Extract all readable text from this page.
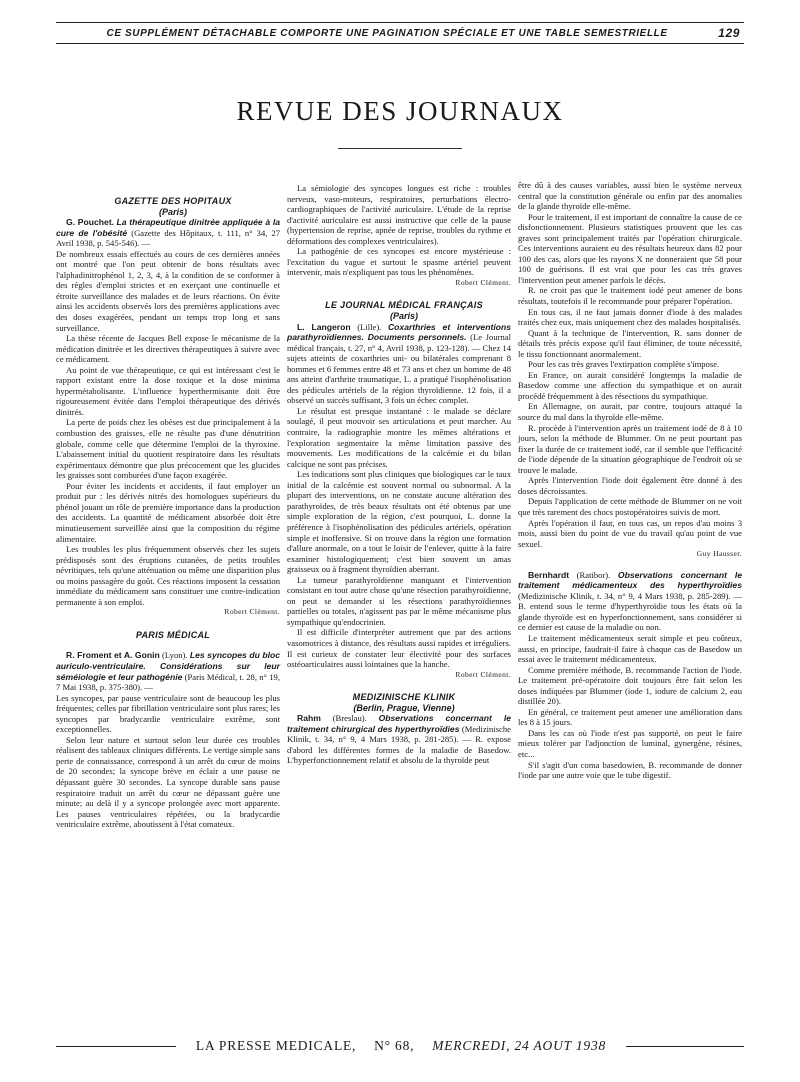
CE SUPPLÉMENT DÉTACHABLE COMPORTE UNE PAGINATION SPÉCIALE ET UNE TABLE SEMESTRIELLE	129
REVUE DES JOURNAUX

GAZETTE DES HOPITAUX

(Paris)

G. Pouchet. La thérapeutique dinitrée appliquée à la cure de l'obésité (Gazette des Hôpitaux, t. 111, n° 34, 27 Avril 1938, p. 545-546). —

De nombreux essais effectués au cours de ces dernières années ont montré que l'on peut obtenir de bons résultats avec l'alphadinitrophénol 1, 2, 3, 4, à la condition de se conformer à des règles d'emploi strictes et en exerçant une continuelle et étroite surveillance des malades et de leurs réactions. On évite ainsi les accidents observés lors des premières applications avec des doses exagérées, pendant un temps trop long et sans surveillance.

La thèse récente de Jacques Bell expose le mécanisme de la médication dinitrée et les directives thérapeutiques à suivre avec ce médicament.

Au point de vue thérapeutique, ce qui est intéressant c'est le rapport existant entre la dose toxique et la dose minima hypermétabolisante. L'influence hyperthermisante doit être rigoureusement évitée dans l'emploi thérapeutique des dérivés dinitrés.

La perte de poids chez les obèses est due principalement à la combustion des graisses, elle ne résulte pas d'une dénutrition globale, comme celle que détermine l'emploi de la thyroxine. L'abaissement initial du quotient respiratoire dans les résultats expérimentaux démontre que plus précocement que les glucides les graisses sont comburées d'une façon exagérée.

Pour éviter les incidents et accidents, il faut employer un produit pur : les dérivés nitrés des homologues supérieurs du phénol jouant un rôle de première importance dans la production des accidents. La quantité de médicament absorbée doit être minutieusement surveillée ainsi que la composition du régime alimentaire.

Les troubles les plus fréquemment observés chez les sujets prédisposés sont des éruptions cutanées, de petits troubles névritiques, tels qu'une atténuation ou même une disparition plus ou moins passagère du goût. Ces réactions imposent la cessation immédiate du médicament sans constituer une contre-indication permanente à son emploi.

Robert Clément.

PARIS MÉDICAL

R. Froment et A. Gonin (Lyon). Les syncopes du bloc auriculo-ventriculaire. Considérations sur leur séméiologie et leur pathogénie (Paris Médical, t. 28, n° 19, 7 Mai 1938, p. 375-380). —

Les syncopes, par pause ventriculaire sont de beaucoup les plus fréquentes; celles par fibrillation ventriculaire sont plus rares; les syncopes par bradycardie ventriculaire extrême, sont exceptionnelles.

Selon leur nature et surtout selon leur durée ces troubles réalisent des tableaux cliniques différents. Le vertige simple sans perte de connaissance, correspond à un arrêt du cœur de moins de 20 secondes; la syncope brève en éclair a une pause ne dépassant guère 30 secondes. La syncope durable sans pause respiratoire traduit un arrêt du cœur ne dépassant guère une minute; au delà il y a syncope prolongée avec mort apparente. Les pauses ventriculaires répétées, ou la bradycardie ventriculaire extrême, aboutissent à l'état comateux.

La sémiologie des syncopes longues est riche : troubles nerveux, vaso-moteurs, respiratoires, perturbations électro-cardiographiques de l'activité auriculaire. L'étude de la reprise d'activité auriculaire est aussi instructive que celle de la pause (hypertension de reprise, apnée de reprise, troubles du rythme et déformations des complexes ventriculaires).

La pathogénie de ces syncopes est encore mystérieuse : l'excitation du vague et surtout le spasme artériel peuvent intervenir, mais n'expliquent pas tous les phénomènes.

Robert Clément.

LE JOURNAL MÉDICAL FRANÇAIS

(Paris)

L. Langeron (Lille). Coxarthries et interventions parathyroïdiennes. Documents personnels. (Le Journal médical français, t. 27, n° 4, Avril 1938, p. 123-128). — Chez 14 sujets atteints de coxarthries uni- ou bilatérales comprenant 8 hommes et 6 femmes entre 48 et 73 ans et chez un homme de 48 ans atteint d'arthrite traumatique, L. a pratiqué l'isophénolisation des pédicules artériels de la région thyroïdienne. 12 fois, il a observé un succès suffisant, 3 fois un échec complet.

Le résultat est presque instantané : le malade se déclare soulagé, il peut mouvoir ses articulations et peut marcher. Au contraire, la radiographie montre les mêmes altérations et l'exploration segmentaire la même limitation passive des mouvements. Les modifications de la calcémie et du bilan calcique ne sont pas précises.

Les indications sont plus cliniques que biologiques car le taux initial de la calcémie est souvent normal ou subnormal. A la plupart des interventions, on ne constate aucune altération des parathyroïdes, de très beaux résultats ont été obtenus par une simple exploration de la région, c'est pourquoi, L. donne la préférence à l'isophénolisation des pédicules artériels, opération simple et inoffensive. Si on trouve dans la région une formation d'allure anormale, on a tout le loisir de l'enlever, quitte à la faire examiner histologiquement; c'est bien souvent un amas graisseux ou à fragment thyroïdien aberrant.

La tumeur parathyroïdienne manquant et l'intervention consistant en tout autre chose qu'une résection parathyroïdienne, on peut se demander si les résections parathyroïdiennes partielles ou totales, n'agissent pas par le même mécanisme plus sympathique qu'endocrinien.

Il est difficile d'interpréter autrement que par des actions vasomotrices à distance, des résultats aussi rapides et irréguliers. Il est curieux de constater leur électivité pour des surfaces ostéoarticulaires aussi lointaines que la hanche.

Robert Clément.

MEDIZINISCHE KLINIK

(Berlin, Prague, Vienne)

Rahm (Breslau). Observations concernant le traitement chirurgical des hyperthyroïdies (Medizinische Klinik, t. 34, n° 9, 4 Mars 1938, p. 281-285). — R. expose d'abord les différentes formes de la maladie de Basedow. L'hyperfonctionnement relatif et absolu de la thyroïde peut

être dû à des causes variables, aussi bien le système nerveux central que la constitution générale ou enfin par des anomalies de la glande thyroïde elle-même.

Pour le traitement, il est important de connaître la cause de ce disfonctionnement. Plusieurs statistiques prouvent que les cas graves sont principalement traités par l'opération chirurgicale. Ces interventions auraient eu des résultats heureux dans 82 pour 100 des cas, alors que les rayons X ne donneraient que 58 pour 100 de guérisons. Il est vrai que pour les cas très graves l'intervention peut amener parfois le décès.

R. ne croit pas que le traitement iodé peut amener de bons résultats, toutefois il le recommande pour préparer l'opération.

En tous cas, il ne faut jamais donner d'iode à des malades traités chez eux, mais uniquement chez des malades hospitalisés.

Quant à la technique de l'intervention, R. sans donner de détails très précis expose qu'il faut éliminer, de toute nécessité, le tissu fonctionnant anormalement.

Pour les cas très graves l'extirpation complète s'impose.

En France, on aurait considéré longtemps la maladie de Basedow comme une affection du sympathique et on aurait procédé fréquemment à des résections du sympathique.

En Allemagne, on aurait, par contre, toujours attaqué la source du mal dans la thyroïde elle-même.

R. procède à l'intervention après un traitement iodé de 8 à 10 jours, selon la méthode de Blummer. On ne peut pourtant pas fixer la durée de ce traitement iodé, car il semble que l'efficacité de l'iode dépende de la situation géographique de l'endroit où se trouve le malade.

Après l'intervention l'iode doit également être donné à des doses décroissantes.

Depuis l'application de cette méthode de Blummer on ne voit que très rarement des chocs postopératoires suivis de mort.

Après l'opération il faut, en tous cas, un repos d'au moins 3 mois, aussi bien du point de vue du travail qu'au point de vue sexuel.

Guy Hausser.

Bernhardt (Ratibor). Observations concernant le traitement médicamenteux des hyperthyroïdies (Medizinische Klinik, t. 34, n° 9, 4 Mars 1938, p. 285-289). — B. entend sous le terme d'hyperthyroïdie tous les états où la glande thyroïde est en hyperfonctionnement, sans considérer si ce dernier est cause de la maladie ou non.

Le traitement médicamenteux serait simple et peu coûteux, aussi, en principe, faudrait-il faire à chaque cas de Basedow un essai avec le traitement médicamenteux.

Comme première méthode, B. recommande l'action de l'iode. Le traitement pré-opératoire doit toujours être fait selon les doses indiquées par Blummer (iode 1, iodure de calcium 2, eau distillée 20).

En général, ce traitement peut amener une amélioration dans les 8 à 15 jours.

Dans les cas où l'iode n'est pas supporté, on peut le faire mieux tolérer par l'adjonction de luminal, gynergène, résines, etc...

S'il s'agit d'un coma basedowien, B. recommande de donner l'iode par une autre voie que le tube digestif.

LA PRESSE MEDICALE, N° 68, MERCREDI, 24 AOUT 1938
